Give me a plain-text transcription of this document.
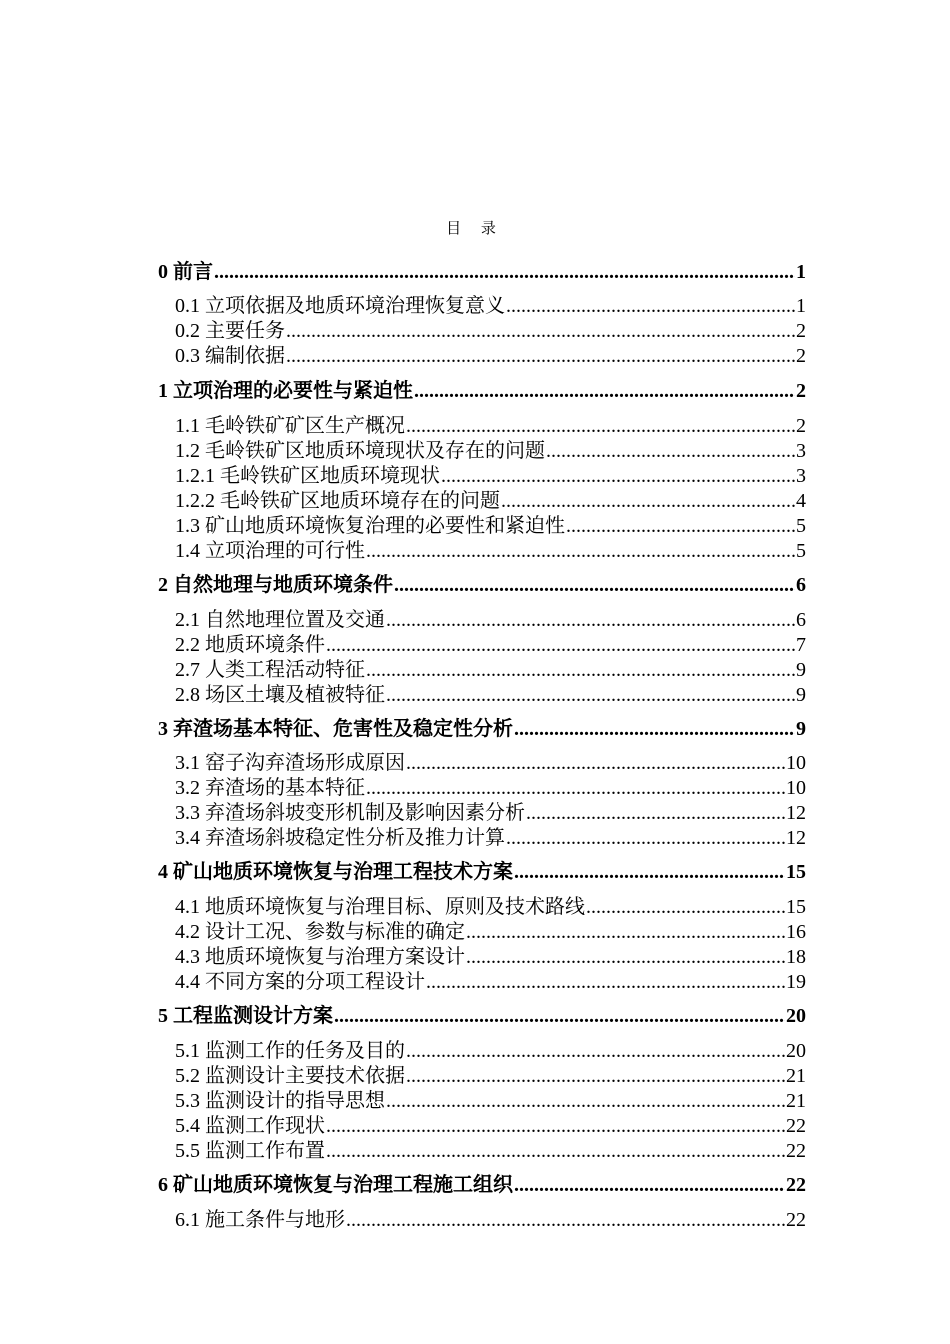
目 录
0 前言 .....	1
0.1 立项依据及地质环境治理恢复意义 .....	1
0.2 主要任务 .....	2
0.3 编制依据 .....	2
1 立项治理的必要性与紧迫性 .....	2
1.1 毛岭铁矿矿区生产概况 .....	2
1.2 毛岭铁矿区地质环境现状及存在的问题 .....	3
1.2.1 毛岭铁矿区地质环境现状 .....	3
1.2.2 毛岭铁矿区地质环境存在的问题 .....	4
1.3 矿山地质环境恢复治理的必要性和紧迫性 .....	5
1.4 立项治理的可行性 .....	5
2 自然地理与地质环境条件 .....	6
2.1 自然地理位置及交通 .....	6
2.2 地质环境条件 .....	7
2.7 人类工程活动特征 .....	9
2.8 场区土壤及植被特征 .....	9
3 弃渣场基本特征、危害性及稳定性分析 .....	9
3.1 窑子沟弃渣场形成原因 .....	10
3.2 弃渣场的基本特征 .....	10
3.3 弃渣场斜坡变形机制及影响因素分析 .....	12
3.4 弃渣场斜坡稳定性分析及推力计算 .....	12
4 矿山地质环境恢复与治理工程技术方案 .....	15
4.1 地质环境恢复与治理目标、原则及技术路线 .....	15
4.2 设计工况、参数与标准的确定 .....	16
4.3 地质环境恢复与治理方案设计 .....	18
4.4 不同方案的分项工程设计 .....	19
5 工程监测设计方案 .....	20
5.1 监测工作的任务及目的 .....	20
5.2 监测设计主要技术依据 .....	21
5.3 监测设计的指导思想 .....	21
5.4 监测工作现状 .....	22
5.5 监测工作布置 .....	22
6 矿山地质环境恢复与治理工程施工组织 .....	22
6.1 施工条件与地形 .....	22
